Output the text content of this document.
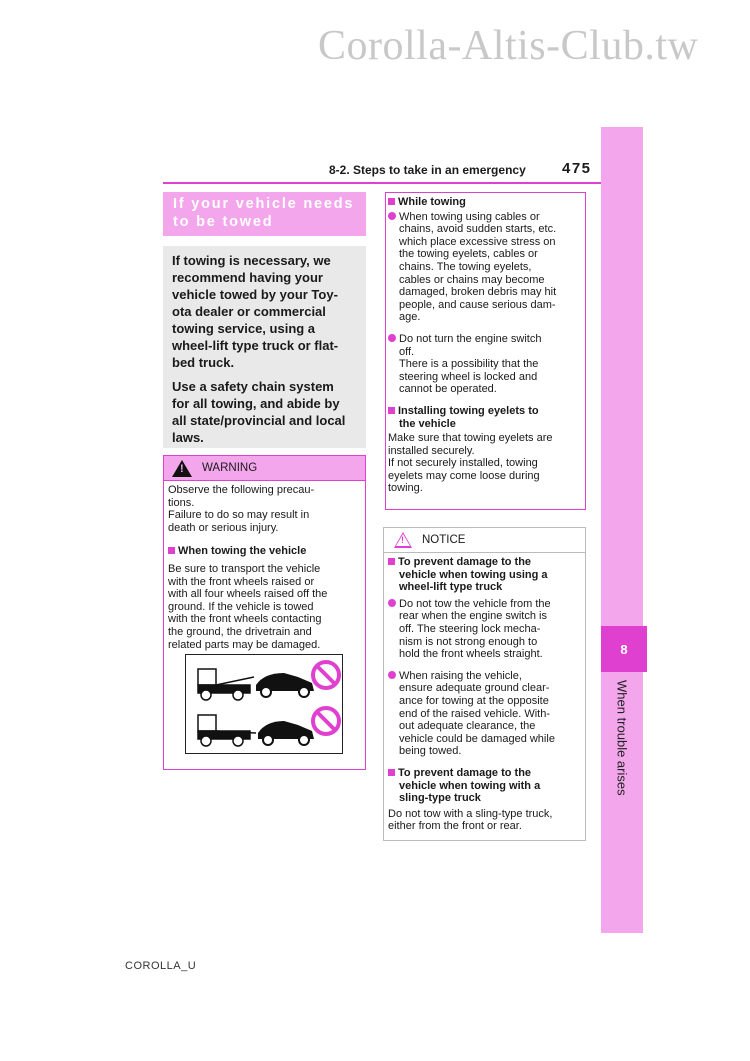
Corolla-Altis-Club.tw
8
When trouble arises
8-2. Steps to take in an emergency 475
If your vehicle needs
to be towed

If towing is necessary, we
recommend having your
vehicle towed by your Toy-
ota dealer or commercial
towing service, using a
wheel-lift type truck or flat-
bed truck.

Use a safety chain system
for all towing, and abide by
all state/provincial and local
laws.

! WARNING
Observe the following precau-
tions.
Failure to do so may result in
death or serious injury.
When towing the vehicle
Be sure to transport the vehicle
with the front wheels raised or
with all four wheels raised off the
ground. If the vehicle is towed
with the front wheels contacting
the ground, the drivetrain and
related parts may be damaged.
While towing
When towing using cables or

chains, avoid sudden starts, etc.
which place excessive stress on
the towing eyelets, cables or
chains. The towing eyelets,
cables or chains may become
damaged, broken debris may hit
people, and cause serious dam-
age.
Do not turn the engine switch

off.
There is a possibility that the
steering wheel is locked and
cannot be operated.
Installing towing eyelets to

the vehicle
Make sure that towing eyelets are
installed securely.
If not securely installed, towing
eyelets may come loose during
towing.
! NOTICE
To prevent damage to the

vehicle when towing using a
wheel-lift type truck
Do not tow the vehicle from the

rear when the engine switch is
off. The steering lock mecha-
nism is not strong enough to
hold the front wheels straight.
When raising the vehicle,

ensure adequate ground clear-
ance for towing at the opposite
end of the raised vehicle. With-
out adequate clearance, the
vehicle could be damaged while
being towed.
To prevent damage to the

vehicle when towing with a
sling-type truck
Do not tow with a sling-type truck,
either from the front or rear.
COROLLA_U
